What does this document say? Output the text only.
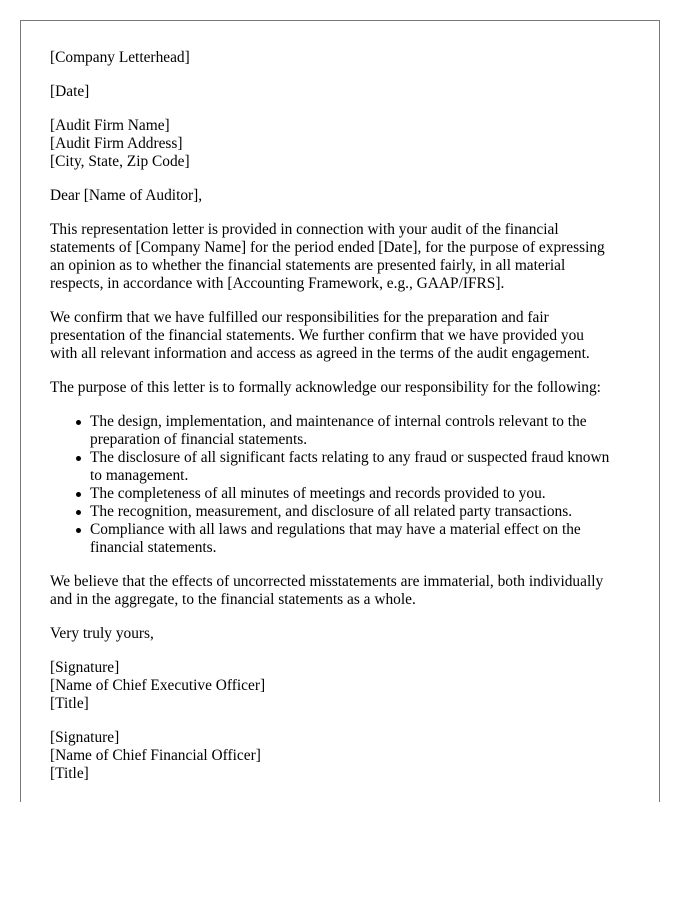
[Company Letterhead]
[Date]
[Audit Firm Name]
[Audit Firm Address]
[City, State, Zip Code]
Dear [Name of Auditor],
This representation letter is provided in connection with your audit of the financial
statements of [Company Name] for the period ended [Date], for the purpose of expressing
an opinion as to whether the financial statements are presented fairly, in all material
respects, in accordance with [Accounting Framework, e.g., GAAP/IFRS].
We confirm that we have fulfilled our responsibilities for the preparation and fair
presentation of the financial statements. We further confirm that we have provided you
with all relevant information and access as agreed in the terms of the audit engagement.
The purpose of this letter is to formally acknowledge our responsibility for the following:
The design, implementation, and maintenance of internal controls relevant to the
preparation of financial statements.
The disclosure of all significant facts relating to any fraud or suspected fraud known
to management.
The completeness of all minutes of meetings and records provided to you.
The recognition, measurement, and disclosure of all related party transactions.
Compliance with all laws and regulations that may have a material effect on the
financial statements.
We believe that the effects of uncorrected misstatements are immaterial, both individually
and in the aggregate, to the financial statements as a whole.
Very truly yours,
[Signature]
[Name of Chief Executive Officer]
[Title]
[Signature]
[Name of Chief Financial Officer]
[Title]
